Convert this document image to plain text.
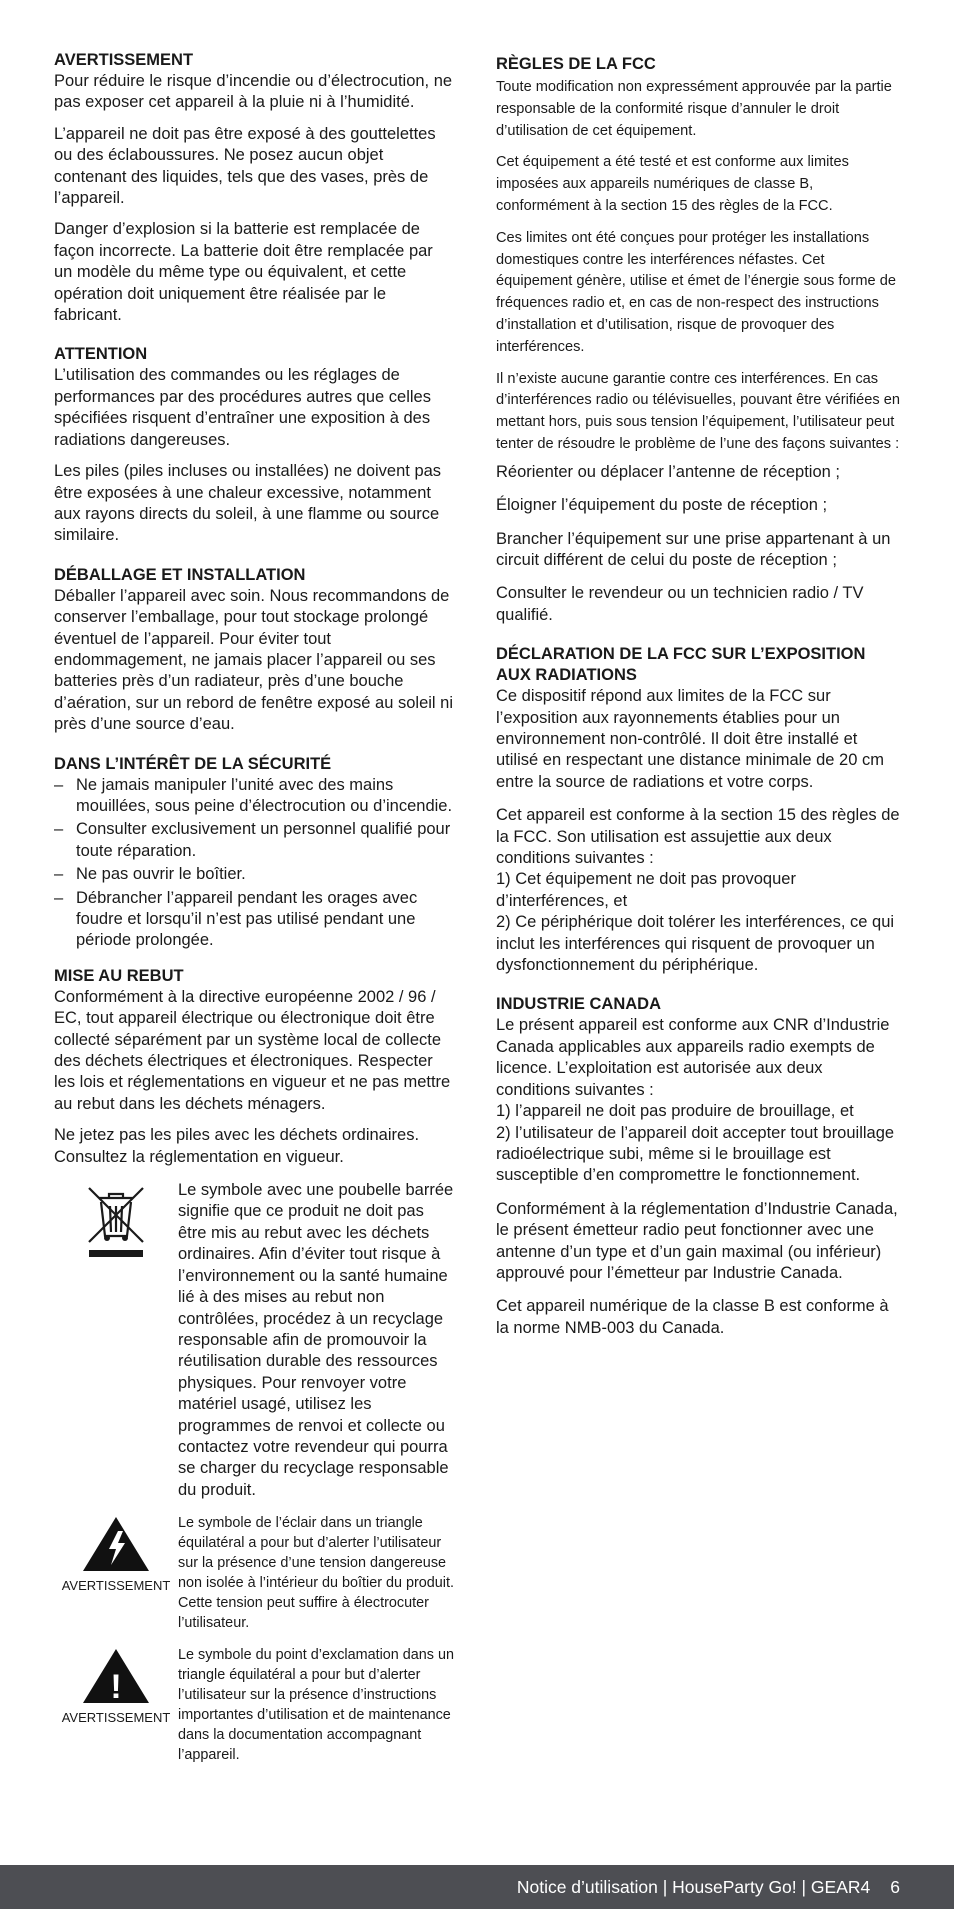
AVERTISSEMENT

Pour réduire le risque d’incendie ou d’électrocution, ne pas exposer cet appareil à la pluie ni à l’humidité.

L’appareil ne doit pas être exposé à des gouttelettes ou des éclaboussures. Ne posez aucun objet contenant des liquides, tels que des vases, près de l’appareil.

Danger d’explosion si la batterie est remplacée de façon incorrecte. La batterie doit être remplacée par un modèle du même type ou équivalent, et cette opération doit uniquement être réalisée par le fabricant.

ATTENTION

L’utilisation des commandes ou les réglages de performances par des procédures autres que celles spécifiées risquent d’entraîner une exposition à des radiations dangereuses.

Les piles (piles incluses ou installées) ne doivent pas être exposées à une chaleur excessive, notamment aux rayons directs du soleil, à une flamme ou source similaire.

DÉBALLAGE ET INSTALLATION

Déballer l’appareil avec soin. Nous recommandons de conserver l’emballage, pour tout stockage prolongé éventuel de l’appareil. Pour éviter tout endommagement, ne jamais placer l’appareil ou ses batteries près d’un radiateur, près d’une bouche d’aération, sur un rebord de fenêtre exposé au soleil ni près d’une source d’eau.

DANS L’INTÉRÊT DE LA SÉCURITÉ
– Ne jamais manipuler l’unité avec des mains mouillées, sous peine d’électrocution ou d’incendie.
– Consulter exclusivement un personnel qualifié pour toute réparation.
– Ne pas ouvrir le boîtier.
– Débrancher l’appareil pendant les orages avec foudre et lorsqu’il n’est pas utilisé pendant une période prolongée.
MISE AU REBUT

Conformément à la directive européenne 2002 / 96 / EC, tout appareil électrique ou électronique doit être collecté séparément par un système local de collecte des déchets électriques et électroniques. Respecter les lois et réglementations en vigueur et ne pas mettre au rebut dans les déchets ménagers.

Ne jetez pas les piles avec les déchets ordinaires. Consultez la réglementation en vigueur.

Le symbole avec une poubelle barrée signifie que ce produit ne doit pas être mis au rebut avec les déchets ordinaires. Afin d’éviter tout risque à l’environnement ou la santé humaine lié à des mises au rebut non contrôlées, procédez à un recyclage responsable afin de promouvoir la réutilisation durable des ressources physiques. Pour renvoyer votre matériel usagé, utilisez les programmes de renvoi et collecte ou contactez votre revendeur qui pourra se charger du recyclage responsable du produit.
AVERTISSEMENT
Le symbole de l’éclair dans un triangle équilatéral a pour but d’alerter l’utilisateur sur la présence d’une tension dangereuse non isolée à l’intérieur du boîtier du produit. Cette tension peut suffire à électrocuter l’utilisateur.
!
AVERTISSEMENT
Le symbole du point d’exclamation dans un triangle équilatéral a pour but d’alerter l’utilisateur sur la présence d’instructions importantes d’utilisation et de maintenance dans la documentation accompagnant l’appareil.
RÈGLES DE LA FCC

Toute modification non expressément approuvée par la partie responsable de la conformité risque d’annuler le droit d’utilisation de cet équipement.

Cet équipement a été testé et est conforme aux limites imposées aux appareils numériques de classe B, conformément à la section 15 des règles de la FCC.

Ces limites ont été conçues pour protéger les installations domestiques contre les interférences néfastes. Cet équipement génère, utilise et émet de l’énergie sous forme de fréquences radio et, en cas de non-respect des instructions d’installation et d’utilisation, risque de provoquer des interférences.

Il n’existe aucune garantie contre ces interférences. En cas d’interférences radio ou télévisuelles, pouvant être vérifiées en mettant hors, puis sous tension l’équipement, l’utilisateur peut tenter de résoudre le problème de l’une des façons suivantes :

Réorienter ou déplacer l’antenne de réception ;

Éloigner l’équipement du poste de réception ;

Brancher l’équipement sur une prise appartenant à un circuit différent de celui du poste de réception ;

Consulter le revendeur ou un technicien radio / TV qualifié.

DÉCLARATION DE LA FCC SUR L’EXPOSITION AUX RADIATIONS

Ce dispositif répond aux limites de la FCC sur l’exposition aux rayonnements établies pour un environnement non-contrôlé. Il doit être installé et utilisé en respectant une distance minimale de 20 cm entre la source de radiations et votre corps.

Cet appareil est conforme à la section 15 des règles de la FCC. Son utilisation est assujettie aux deux conditions suivantes :
1) Cet équipement ne doit pas provoquer d’interférences, et
2) Ce périphérique doit tolérer les interférences, ce qui inclut les interférences qui risquent de provoquer un dysfonctionnement du périphérique.

INDUSTRIE CANADA

Le présent appareil est conforme aux CNR d’Industrie Canada applicables aux appareils radio exempts de licence. L’exploitation est autorisée aux deux conditions suivantes :
1) l’appareil ne doit pas produire de brouillage, et
2) l’utilisateur de l’appareil doit accepter tout brouillage radioélectrique subi, même si le brouillage est susceptible d’en compromettre le fonctionnement.

Conformément à la réglementation d’Industrie Canada, le présent émetteur radio peut fonctionner avec une antenne d’un type et d’un gain maximal (ou inférieur) approuvé pour l’émetteur par Industrie Canada.

Cet appareil numérique de la classe B est conforme à la norme NMB-003 du Canada.

Notice d’utilisation | HouseParty Go! | GEAR4 6
